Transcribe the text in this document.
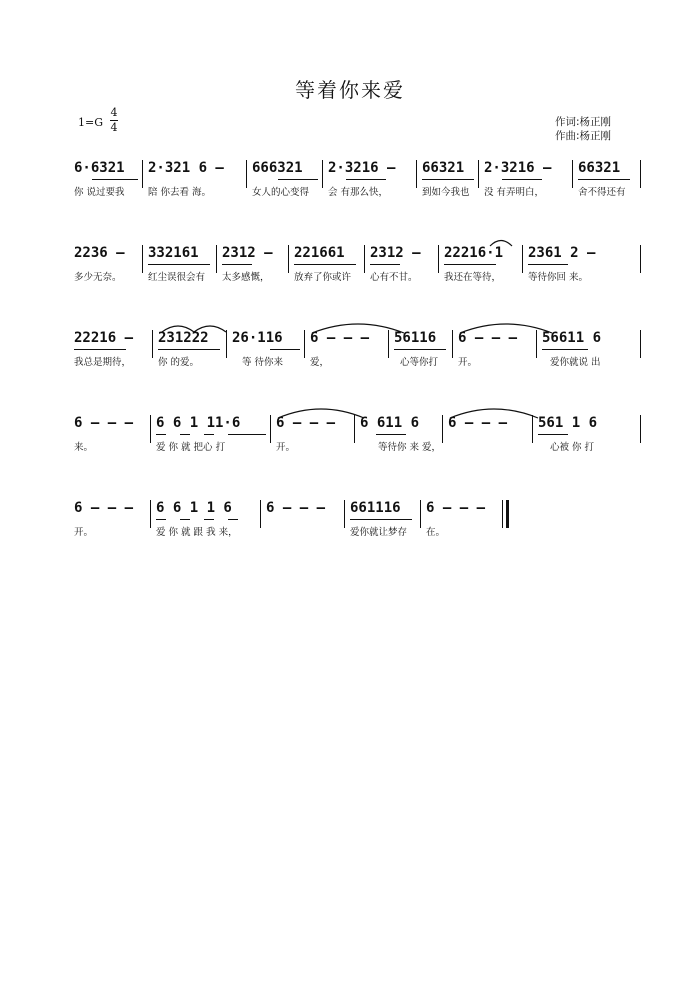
等着你来爱
1=G
4
4	作词:杨正刚
作曲:杨正刚
6·6321 2·321 6 – 666321 2·3216 – 66321 2·3216 – 66321
你 说过要我 陪 你去看 海。	女人的心变得 会 有那么快，	到如今我也 没 有弄明白，	舍不得还有
2236 – 332161 2312 – 221661 2312 – 22216·1 2361 2 –
多少无奈。	红尘误很会有 太多感慨，	放弃了你或许 心有不甘。	我还在等待，	等待你回 来。
22216 – 231222 26·116 6 – – – 56116 6 – – – 56611 6
我总是期待，	你 的爱。	等 待你来	爱，	心等你打 开。	爱你就说 出
6 – – – 6 6 1 11·6	6 – – – 6 611 6 6 – – – 561 1 6
来。	爱 你 就 把心 打	开。	等待你 来 爱，	心被 你 打
6 – – – 6 6 1 1 6 6 – – – 661116 6 – – –
开。	爱 你 就 跟 我 来，	爱你就让梦存 在。
